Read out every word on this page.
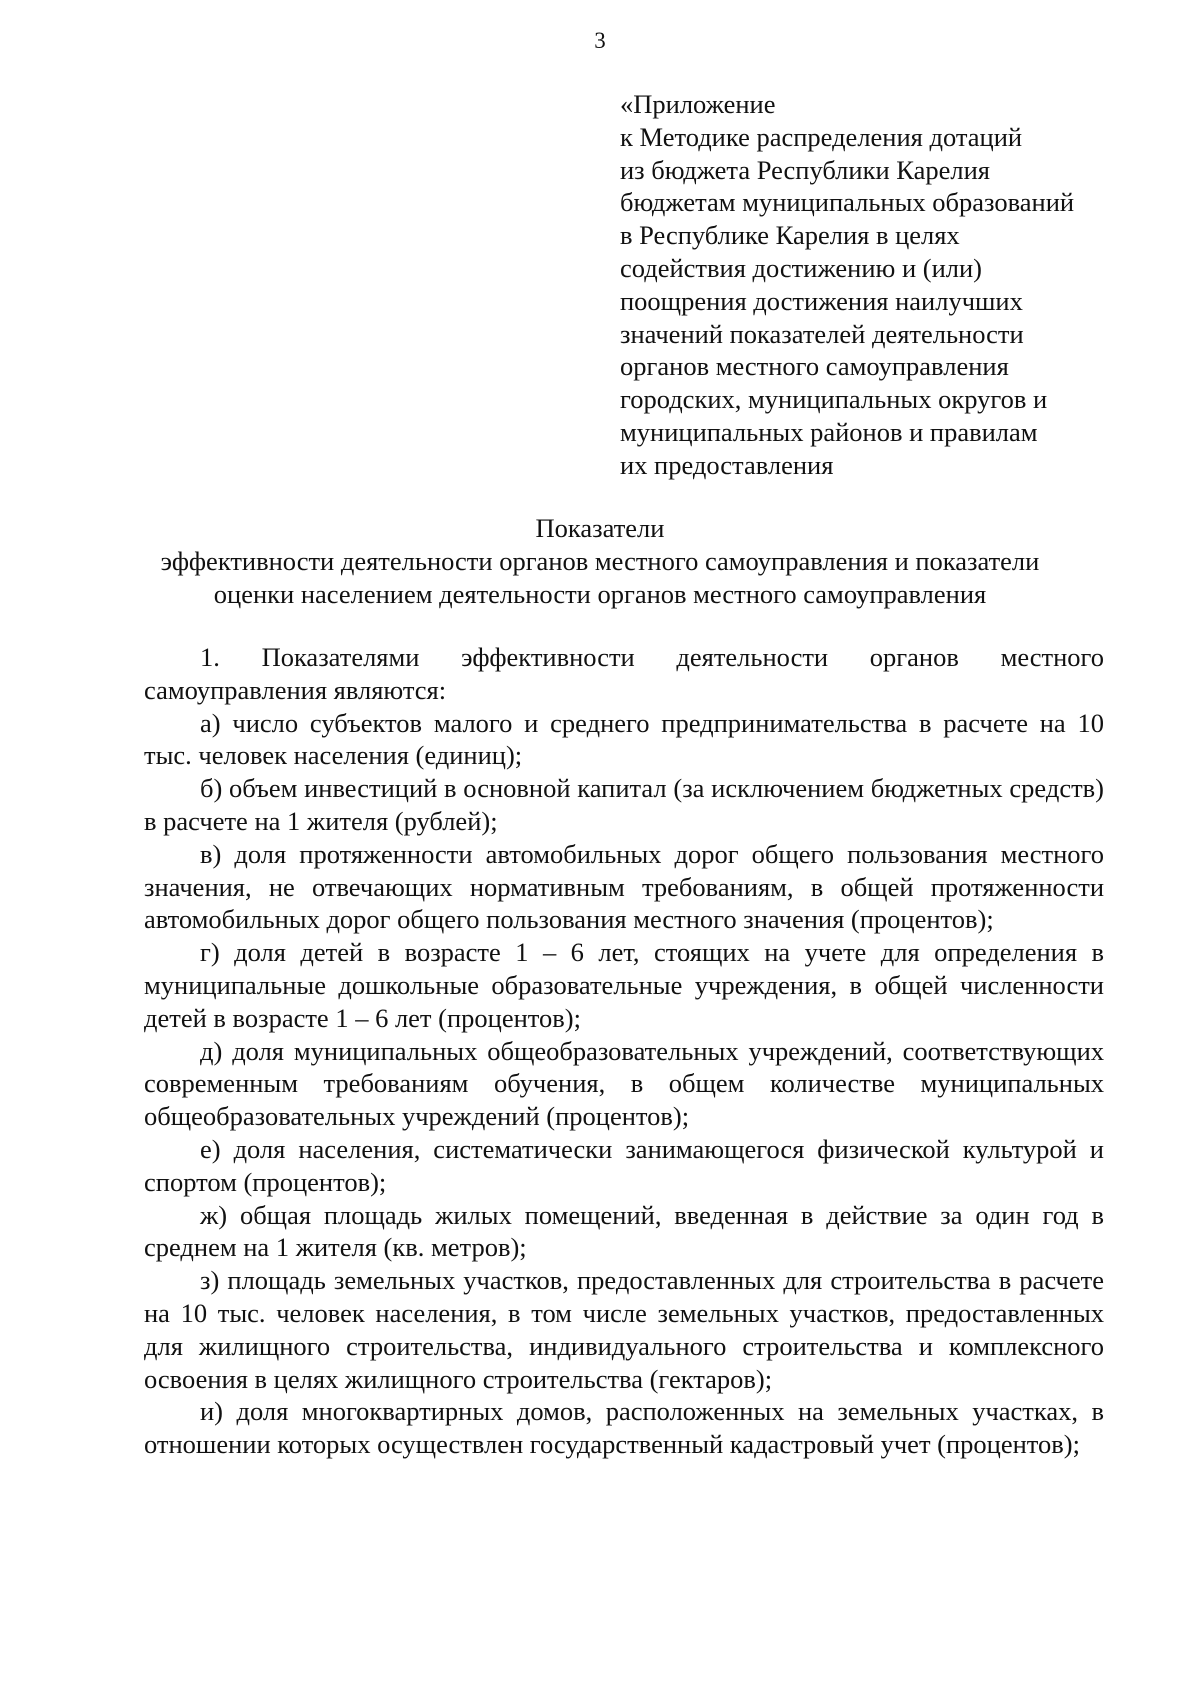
3
«Приложение
к Методике распределения дотаций
из бюджета Республики Карелия
бюджетам муниципальных образований
в Республике Карелия в целях
содействия достижению и (или)
поощрения достижения наилучших
значений показателей деятельности
органов местного самоуправления
городских, муниципальных округов и
муниципальных районов и правилам
их предоставления
Показатели
эффективности деятельности органов местного самоуправления и показатели
оценки населением деятельности органов местного самоуправления

1. Показателями эффективности деятельности органов местного самоуправления являются:

а) число субъектов малого и среднего предпринимательства в расчете на 10 тыс. человек населения (единиц);

б) объем инвестиций в основной капитал (за исключением бюджетных средств) в расчете на 1 жителя (рублей);

в) доля протяженности автомобильных дорог общего пользования местного значения, не отвечающих нормативным требованиям, в общей протяженности автомобильных дорог общего пользования местного значения (процентов);

г) доля детей в возрасте 1 – 6 лет, стоящих на учете для определения в муниципальные дошкольные образовательные учреждения, в общей численности детей в возрасте 1 – 6 лет (процентов);

д) доля муниципальных общеобразовательных учреждений, соответствующих современным требованиям обучения, в общем количестве муниципальных общеобразовательных учреждений (процентов);

е) доля населения, систематически занимающегося физической культурой и спортом (процентов);

ж) общая площадь жилых помещений, введенная в действие за один год в среднем на 1 жителя (кв. метров);

з) площадь земельных участков, предоставленных для строительства в расчете на 10 тыс. человек населения, в том числе земельных участков, предоставленных для жилищного строительства, индивидуального строительства и комплексного освоения в целях жилищного строительства (гектаров);

и) доля многоквартирных домов, расположенных на земельных участках, в отношении которых осуществлен государственный кадастровый учет (процентов);
